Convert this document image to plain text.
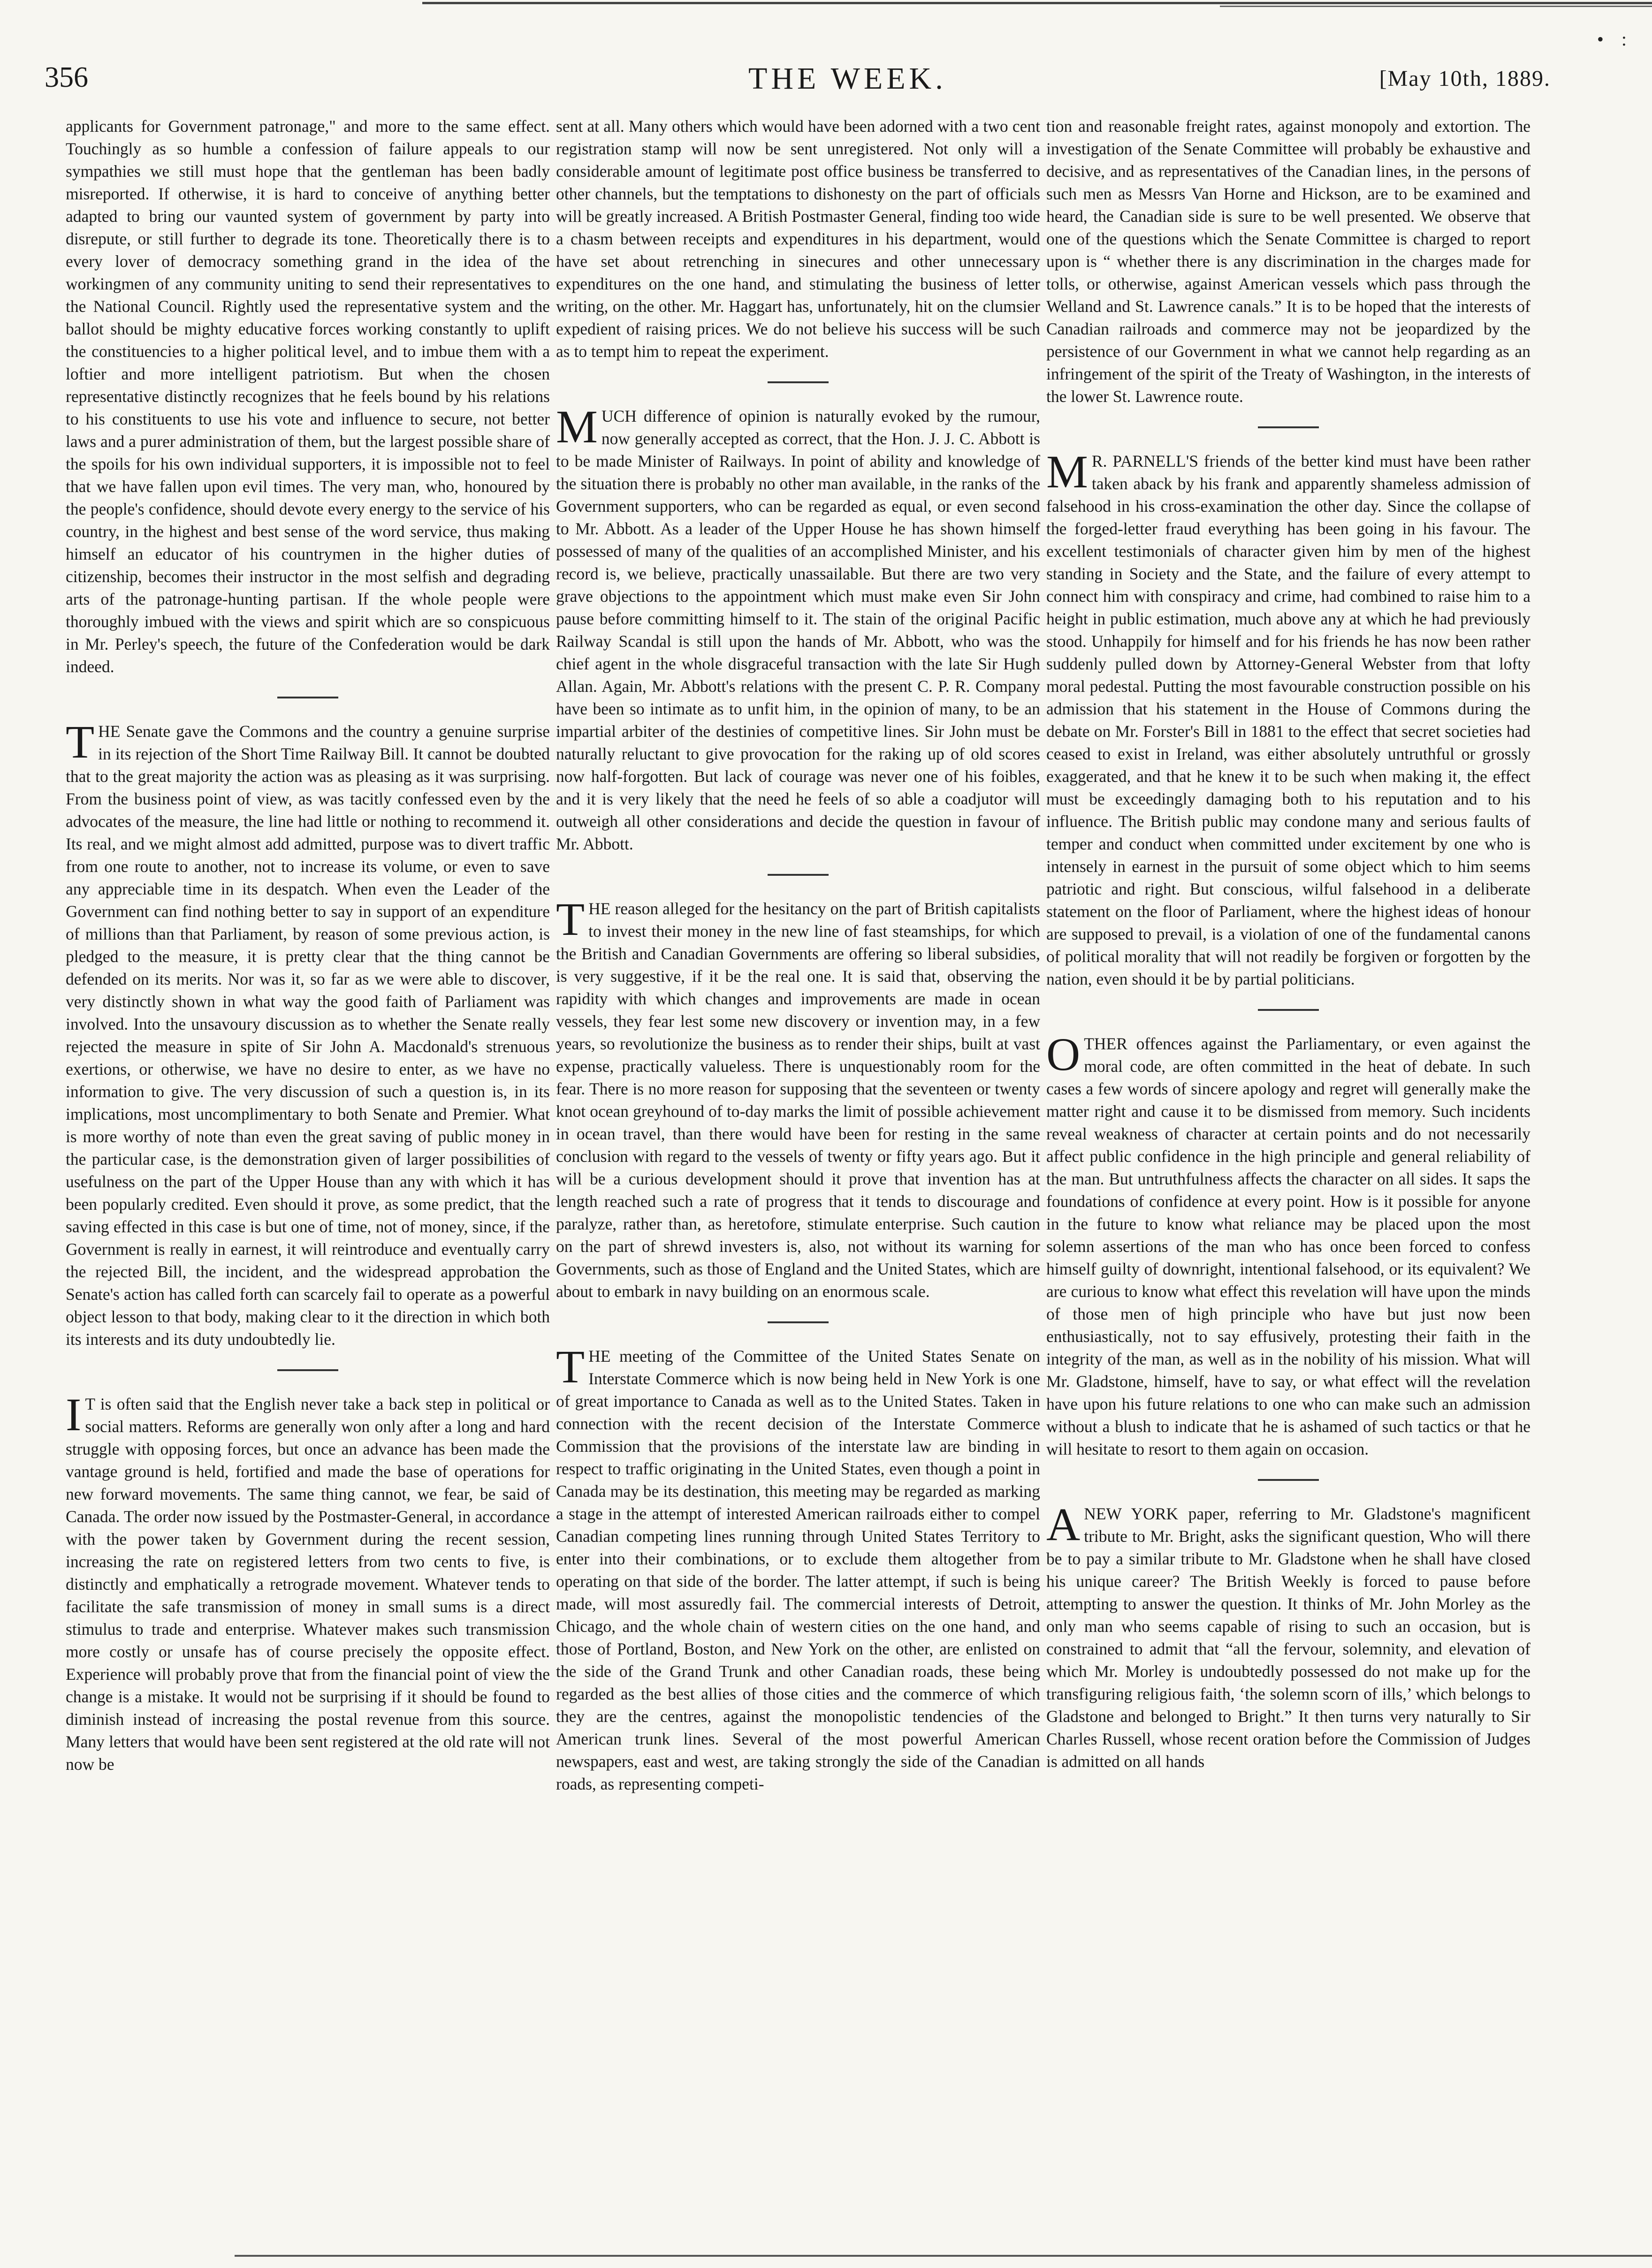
• :
356	THE WEEK.	[May 10th, 1889.

applicants for Government patronage," and more to the same effect. Touchingly as so humble a confession of failure appeals to our sympathies we still must hope that the gentleman has been badly misreported. If otherwise, it is hard to conceive of anything better adapted to bring our vaunted system of government by party into disrepute, or still further to degrade its tone. Theoretically there is to every lover of democracy something grand in the idea of the workingmen of any community uniting to send their representatives to the National Council. Rightly used the representative system and the ballot should be mighty educative forces working constantly to uplift the constituencies to a higher political level, and to imbue them with a loftier and more intelligent patriotism. But when the chosen representative distinctly recognizes that he feels bound by his relations to his constituents to use his vote and influence to secure, not better laws and a purer administration of them, but the largest possible share of the spoils for his own individual supporters, it is impossible not to feel that we have fallen upon evil times. The very man, who, honoured by the people's confidence, should devote every energy to the service of his country, in the highest and best sense of the word service, thus making himself an educator of his countrymen in the higher duties of citizenship, becomes their instructor in the most selfish and degrading arts of the patronage-hunting partisan. If the whole people were thoroughly imbued with the views and spirit which are so conspicuous in Mr. Perley's speech, the future of the Confederation would be dark indeed.

THE Senate gave the Commons and the country a genuine surprise in its rejection of the Short Time Railway Bill. It cannot be doubted that to the great majority the action was as pleasing as it was surprising. From the business point of view, as was tacitly confessed even by the advocates of the measure, the line had little or nothing to recommend it. Its real, and we might almost add admitted, purpose was to divert traffic from one route to another, not to increase its volume, or even to save any appreciable time in its despatch. When even the Leader of the Government can find nothing better to say in support of an expenditure of millions than that Parliament, by reason of some previous action, is pledged to the measure, it is pretty clear that the thing cannot be defended on its merits. Nor was it, so far as we were able to discover, very distinctly shown in what way the good faith of Parliament was involved. Into the unsavoury discussion as to whether the Senate really rejected the measure in spite of Sir John A. Macdonald's strenuous exertions, or otherwise, we have no desire to enter, as we have no information to give. The very discussion of such a question is, in its implications, most uncomplimentary to both Senate and Premier. What is more worthy of note than even the great saving of public money in the particular case, is the demonstration given of larger possibilities of usefulness on the part of the Upper House than any with which it has been popularly credited. Even should it prove, as some predict, that the saving effected in this case is but one of time, not of money, since, if the Government is really in earnest, it will reintroduce and eventually carry the rejected Bill, the incident, and the widespread approbation the Senate's action has called forth can scarcely fail to operate as a powerful object lesson to that body, making clear to it the direction in which both its interests and its duty undoubtedly lie.

IT is often said that the English never take a back step in political or social matters. Reforms are generally won only after a long and hard struggle with opposing forces, but once an advance has been made the vantage ground is held, fortified and made the base of operations for new forward movements. The same thing cannot, we fear, be said of Canada. The order now issued by the Postmaster-General, in accordance with the power taken by Government during the recent session, increasing the rate on registered letters from two cents to five, is distinctly and emphatically a retrograde movement. Whatever tends to facilitate the safe transmission of money in small sums is a direct stimulus to trade and enterprise. Whatever makes such transmission more costly or unsafe has of course precisely the opposite effect. Experience will probably prove that from the financial point of view the change is a mistake. It would not be surprising if it should be found to diminish instead of increasing the postal revenue from this source. Many letters that would have been sent registered at the old rate will not now be

sent at all. Many others which would have been adorned with a two cent registration stamp will now be sent unregistered. Not only will a considerable amount of legitimate post office business be transferred to other channels, but the temptations to dishonesty on the part of officials will be greatly increased. A British Postmaster General, finding too wide a chasm between receipts and expenditures in his department, would have set about retrenching in sinecures and other unnecessary expenditures on the one hand, and stimulating the business of letter writing, on the other. Mr. Haggart has, unfortunately, hit on the clumsier expedient of raising prices. We do not believe his success will be such as to tempt him to repeat the experiment.

MUCH difference of opinion is naturally evoked by the rumour, now generally accepted as correct, that the Hon. J. J. C. Abbott is to be made Minister of Railways. In point of ability and knowledge of the situation there is probably no other man available, in the ranks of the Government supporters, who can be regarded as equal, or even second to Mr. Abbott. As a leader of the Upper House he has shown himself possessed of many of the qualities of an accomplished Minister, and his record is, we believe, practically unassailable. But there are two very grave objections to the appointment which must make even Sir John pause before committing himself to it. The stain of the original Pacific Railway Scandal is still upon the hands of Mr. Abbott, who was the chief agent in the whole disgraceful transaction with the late Sir Hugh Allan. Again, Mr. Abbott's relations with the present C. P. R. Company have been so intimate as to unfit him, in the opinion of many, to be an impartial arbiter of the destinies of competitive lines. Sir John must be naturally reluctant to give provocation for the raking up of old scores now half-forgotten. But lack of courage was never one of his foibles, and it is very likely that the need he feels of so able a coadjutor will outweigh all other considerations and decide the question in favour of Mr. Abbott.

THE reason alleged for the hesitancy on the part of British capitalists to invest their money in the new line of fast steamships, for which the British and Canadian Governments are offering so liberal subsidies, is very suggestive, if it be the real one. It is said that, observing the rapidity with which changes and improvements are made in ocean vessels, they fear lest some new discovery or invention may, in a few years, so revolutionize the business as to render their ships, built at vast expense, practically valueless. There is unquestionably room for the fear. There is no more reason for supposing that the seventeen or twenty knot ocean greyhound of to-day marks the limit of possible achievement in ocean travel, than there would have been for resting in the same conclusion with regard to the vessels of twenty or fifty years ago. But it will be a curious development should it prove that invention has at length reached such a rate of progress that it tends to discourage and paralyze, rather than, as heretofore, stimulate enterprise. Such caution on the part of shrewd investers is, also, not without its warning for Governments, such as those of England and the United States, which are about to embark in navy building on an enormous scale.

THE meeting of the Committee of the United States Senate on Interstate Commerce which is now being held in New York is one of great importance to Canada as well as to the United States. Taken in connection with the recent decision of the Interstate Commerce Commission that the provisions of the interstate law are binding in respect to traffic originating in the United States, even though a point in Canada may be its destination, this meeting may be regarded as marking a stage in the attempt of interested American railroads either to compel Canadian competing lines running through United States Territory to enter into their combinations, or to exclude them altogether from operating on that side of the border. The latter attempt, if such is being made, will most assuredly fail. The commercial interests of Detroit, Chicago, and the whole chain of western cities on the one hand, and those of Portland, Boston, and New York on the other, are enlisted on the side of the Grand Trunk and other Canadian roads, these being regarded as the best allies of those cities and the commerce of which they are the centres, against the monopolistic tendencies of the American trunk lines. Several of the most powerful American newspapers, east and west, are taking strongly the side of the Canadian roads, as representing competi-

tion and reasonable freight rates, against monopoly and extortion. The investigation of the Senate Committee will probably be exhaustive and decisive, and as representatives of the Canadian lines, in the persons of such men as Messrs Van Horne and Hickson, are to be examined and heard, the Canadian side is sure to be well presented. We observe that one of the questions which the Senate Committee is charged to report upon is “ whether there is any discrimination in the charges made for tolls, or otherwise, against American vessels which pass through the Welland and St. Lawrence canals.” It is to be hoped that the interests of Canadian railroads and commerce may not be jeopardized by the persistence of our Government in what we cannot help regarding as an infringement of the spirit of the Treaty of Washington, in the interests of the lower St. Lawrence route.

MR. PARNELL'S friends of the better kind must have been rather taken aback by his frank and apparently shameless admission of falsehood in his cross-examination the other day. Since the collapse of the forged-letter fraud everything has been going in his favour. The excellent testimonials of character given him by men of the highest standing in Society and the State, and the failure of every attempt to connect him with conspiracy and crime, had combined to raise him to a height in public estimation, much above any at which he had previously stood. Unhappily for himself and for his friends he has now been rather suddenly pulled down by Attorney-General Webster from that lofty moral pedestal. Putting the most favourable construction possible on his admission that his statement in the House of Commons during the debate on Mr. Forster's Bill in 1881 to the effect that secret societies had ceased to exist in Ireland, was either absolutely untruthful or grossly exaggerated, and that he knew it to be such when making it, the effect must be exceedingly damaging both to his reputation and to his influence. The British public may condone many and serious faults of temper and conduct when committed under excitement by one who is intensely in earnest in the pursuit of some object which to him seems patriotic and right. But conscious, wilful falsehood in a deliberate statement on the floor of Parliament, where the highest ideas of honour are supposed to prevail, is a violation of one of the fundamental canons of political morality that will not readily be forgiven or forgotten by the nation, even should it be by partial politicians.

OTHER offences against the Parliamentary, or even against the moral code, are often committed in the heat of debate. In such cases a few words of sincere apology and regret will generally make the matter right and cause it to be dismissed from memory. Such incidents reveal weakness of character at certain points and do not necessarily affect public confidence in the high principle and general reliability of the man. But untruthfulness affects the character on all sides. It saps the foundations of confidence at every point. How is it possible for anyone in the future to know what reliance may be placed upon the most solemn assertions of the man who has once been forced to confess himself guilty of downright, intentional falsehood, or its equivalent? We are curious to know what effect this revelation will have upon the minds of those men of high principle who have but just now been enthusiastically, not to say effusively, protesting their faith in the integrity of the man, as well as in the nobility of his mission. What will Mr. Gladstone, himself, have to say, or what effect will the revelation have upon his future relations to one who can make such an admission without a blush to indicate that he is ashamed of such tactics or that he will hesitate to resort to them again on occasion.

ANEW YORK paper, referring to Mr. Gladstone's magnificent tribute to Mr. Bright, asks the significant question, Who will there be to pay a similar tribute to Mr. Gladstone when he shall have closed his unique career? The British Weekly is forced to pause before attempting to answer the question. It thinks of Mr. John Morley as the only man who seems capable of rising to such an occasion, but is constrained to admit that “all the fervour, solemnity, and elevation of which Mr. Morley is undoubtedly possessed do not make up for the transfiguring religious faith, ‘the solemn scorn of ills,’ which belongs to Gladstone and belonged to Bright.” It then turns very naturally to Sir Charles Russell, whose recent oration before the Commission of Judges is admitted on all hands
